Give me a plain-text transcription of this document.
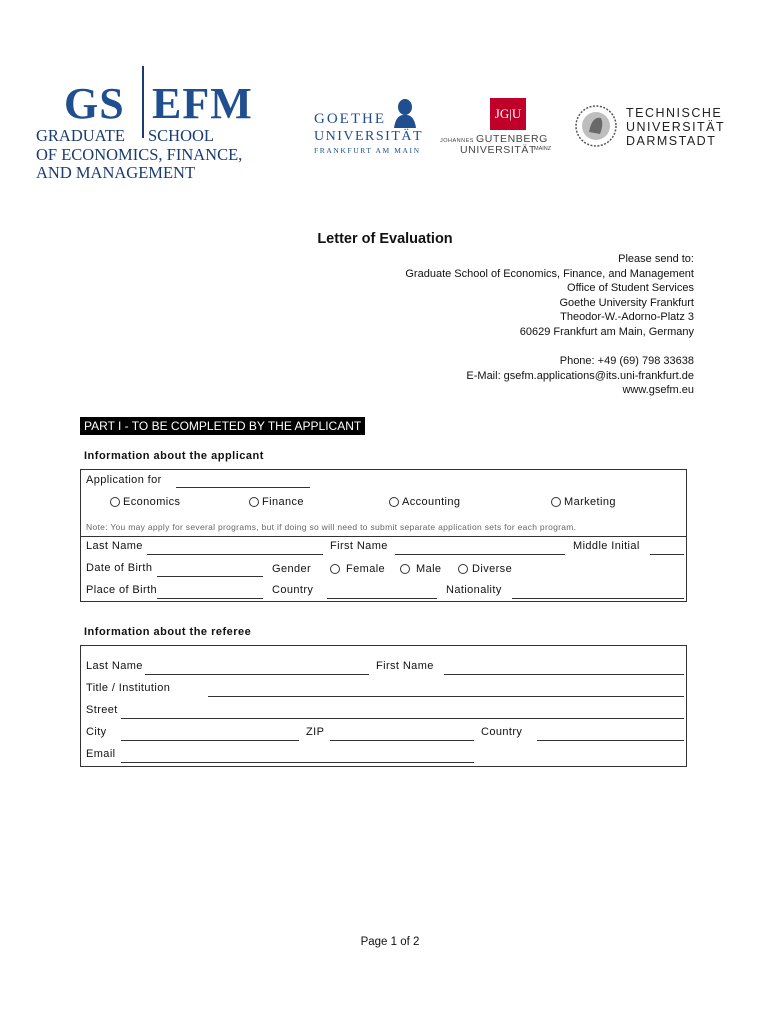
GS EFM
GRADUATE SCHOOL
OF ECONOMICS, FINANCE,
AND MANAGEMENT
GOETHE
UNIVERSITÄT
FRANKFURT AM MAIN
JG|U
JOHANNES GUTENBERG
UNIVERSITÄT
MAINZ
TECHNISCHE
UNIVERSITÄT
DARMSTADT
Letter of Evaluation
Please send to:
Graduate School of Economics, Finance, and Management
Office of Student Services
Goethe University Frankfurt
Theodor-W.-Adorno-Platz 3
60629 Frankfurt am Main, Germany
Phone: +49 (69) 798 33638
E-Mail: gsefm.applications@its.uni-frankfurt.de
www.gsefm.eu
PART I - TO BE COMPLETED BY THE APPLICANT
Information about the applicant
Application for
Economics	Finance	Accounting	Marketing
Note: You may apply for several programs, but if doing so will need to submit separate application sets for each program.
Last Name	First Name	Middle Initial
Date of Birth	Gender	Female	Male	Diverse
Place of Birth	Country	Nationality
Information about the referee
Last Name	First Name
Title / Institution
Street
City	ZIP	Country
Email
Page 1 of 2
